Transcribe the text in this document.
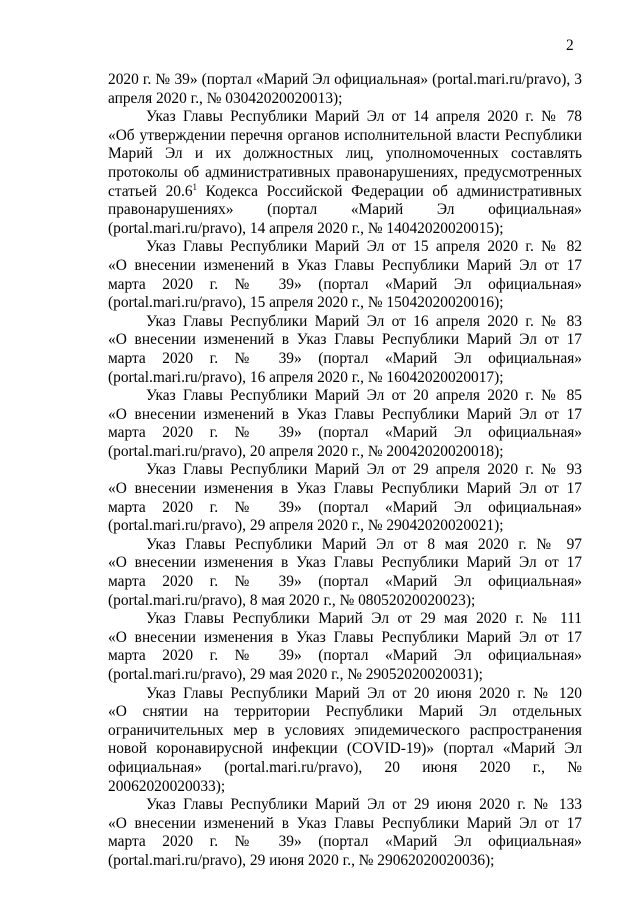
2

2020 г. № 39» (портал «Марий Эл официальная» (portal.mari.ru/pravo), 3 апреля 2020 г., № 03042020020013);

Указ Главы Республики Марий Эл от 14 апреля 2020 г. № 78
«Об утверждении перечня органов исполнительной власти Республики Марий Эл и их должностных лиц, уполномоченных составлять протоколы об административных правонарушениях, предусмотренных статьей 20.6$^1$ Кодекса Российской Федерации об административных правонарушениях» (портал «Марий Эл официальная» (portal.mari.ru/pravo), 14 апреля 2020 г., № 14042020020015);

Указ Главы Республики Марий Эл от 15 апреля 2020 г. № 82
«О внесении изменений в Указ Главы Республики Марий Эл от 17 марта 2020 г. № 39» (портал «Марий Эл официальная» (portal.mari.ru/pravo), 15 апреля 2020 г., № 15042020020016);

Указ Главы Республики Марий Эл от 16 апреля 2020 г. № 83
«О внесении изменений в Указ Главы Республики Марий Эл от 17 марта 2020 г. № 39» (портал «Марий Эл официальная» (portal.mari.ru/pravo), 16 апреля 2020 г., № 16042020020017);

Указ Главы Республики Марий Эл от 20 апреля 2020 г. № 85
«О внесении изменений в Указ Главы Республики Марий Эл от 17 марта 2020 г. № 39» (портал «Марий Эл официальная» (portal.mari.ru/pravo), 20 апреля 2020 г., № 20042020020018);

Указ Главы Республики Марий Эл от 29 апреля 2020 г. № 93
«О внесении изменения в Указ Главы Республики Марий Эл от 17 марта 2020 г. № 39» (портал «Марий Эл официальная» (portal.mari.ru/pravo), 29 апреля 2020 г., № 29042020020021);

Указ Главы Республики Марий Эл от 8 мая 2020 г. № 97
«О внесении изменения в Указ Главы Республики Марий Эл от 17 марта 2020 г. № 39» (портал «Марий Эл официальная» (portal.mari.ru/pravo), 8 мая 2020 г., № 08052020020023);

Указ Главы Республики Марий Эл от 29 мая 2020 г. № 111
«О внесении изменения в Указ Главы Республики Марий Эл от 17 марта 2020 г. № 39» (портал «Марий Эл официальная» (portal.mari.ru/pravo), 29 мая 2020 г., № 29052020020031);

Указ Главы Республики Марий Эл от 20 июня 2020 г. № 120
«О снятии на территории Республики Марий Эл отдельных ограничительных мер в условиях эпидемического распространения новой коронавирусной инфекции (COVID-19)» (портал «Марий Эл официальная» (portal.mari.ru/pravo), 20 июня 2020 г., № 20062020020033);

Указ Главы Республики Марий Эл от 29 июня 2020 г. № 133
«О внесении изменений в Указ Главы Республики Марий Эл от 17 марта 2020 г. № 39» (портал «Марий Эл официальная» (portal.mari.ru/pravo), 29 июня 2020 г., № 29062020020036);
